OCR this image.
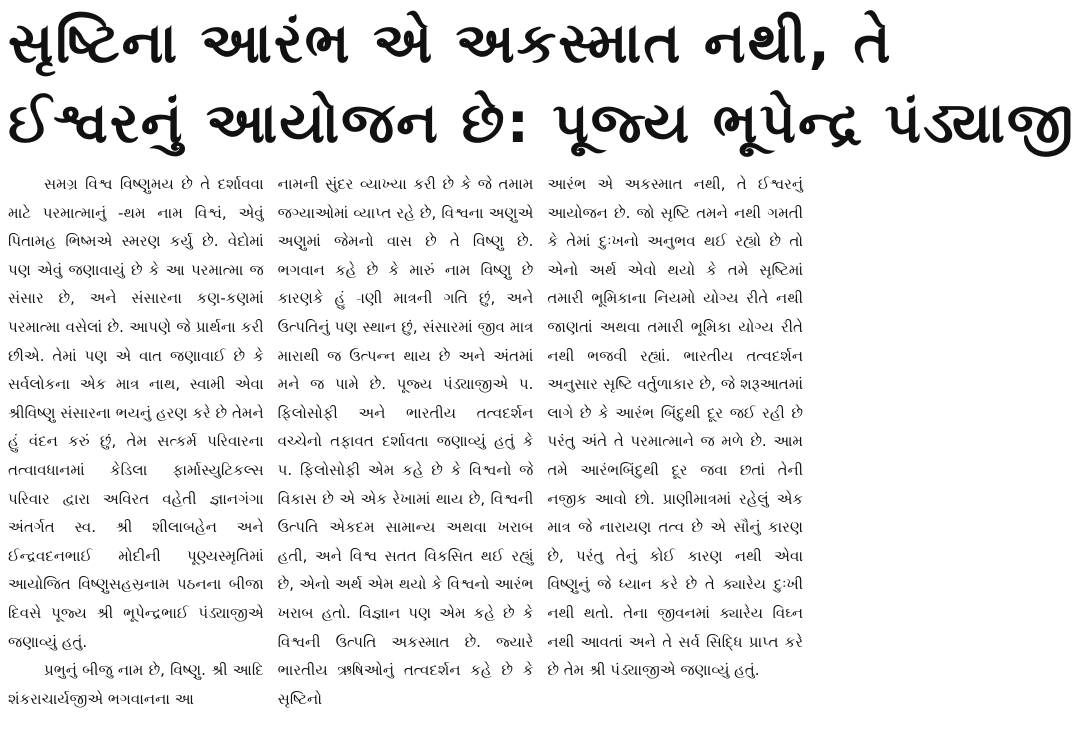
સૃષ્ટિના આરંભ એ અકસ્માત નથી, તે
ઈશ્વરનું આયોજન છે: પૂજ્ય ભૂપેન્દ્ર પંડ્યાજી

સમગ્ર વિશ્વ વિષ્ણુમય છે તે દર્શાવવા માટે પરમાત્માનું -થમ નામ વિશ્વં, એવું પિતામહ ભિષ્મએ સ્મરણ કર્યુ છે. વેદોમાં પણ એવું જણાવાયું છે કે આ પરમાત્મા જ સંસાર છે, અને સંસારના કણ-કણમાં પરમાત્મા વસેલાં છે. આપણે જે પ્રાર્થના કરી છીએ. તેમાં પણ એ વાત જણાવાઈ છે કે સર્વલોકના એક માત્ર નાથ, સ્વામી એવા શ્રીવિષ્ણુ સંસારના ભયનું હરણ કરે છે તેમને હું વંદન કરું છું, તેમ સત્કર્મ પરિવારના તત્વાવધાનમાં કેડિલા ફાર્માસ્યુટિકલ્સ પરિવાર દ્વારા અવિરત વહેતી જ્ઞાનગંગા અંતર્ગત સ્વ. શ્રી શીલાબહેન અને ઈન્દ્રવદનભાઈ મોદીની પૂણ્યસ્મૃતિમાં આયોજિત વિષ્ણુસહસ્રનામ પઠનના બીજા દિવસે પૂજ્ય શ્રી ભૂપેન્દ્રભાઈ પંડ્યાજીએ જણાવ્યું હતું.

પ્રભુનું બીજુ નામ છે, વિષ્ણુ. શ્રી આદિ શંકરાચાર્યજીએ ભગવાનના આ

નામની સુંદર વ્યાખ્યા કરી છે કે જે તમામ જગ્યાઓમાં વ્યાપ્ત રહે છે, વિશ્વના અણુએ અણુમાં જેમનો વાસ છે તે વિષ્ણુ છે. ભગવાન કહે છે કે મારું નામ વિષ્ણુ છે કારણકે હું -ાણી માત્રની ગતિ છું, અને ઉત્પતિનું પણ સ્થાન છું, સંસારમાં જીવ માત્ર મારાથી જ ઉત્પન્ન થાય છે અને અંતમાં મને જ પામે છે. પૂજ્ય પંડ્યાજીએ પ. ફિલોસોફી અને ભારતીય તત્વદર્શન વચ્ચેનો તફાવત દર્શાવતા જણાવ્યું હતું કે પ. ફિલોસોફી એમ કહે છે કે વિશ્વનો જે વિકાસ છે એ એક રેખામાં થાય છે, વિશ્વની ઉત્પતિ એકદમ સામાન્ય અથવા ખરાબ હતી, અને વિશ્વ સતત વિકસિત થઈ રહ્યું છે, એનો અર્થ એમ થયો કે વિશ્વનો આરંભ ખરાબ હતો. વિજ્ઞાન પણ એમ કહે છે કે વિશ્વની ઉત્પતિ અકસ્માત છે. જ્યારે ભારતીય ઋષિઓનું તત્વદર્શન કહે છે કે સૃષ્ટિનો

આરંભ એ અકસ્માત નથી, તે ઈશ્વરનું આયોજન છે. જો સૃષ્ટિ તમને નથી ગમતી કે તેમાં દુઃખનો અનુભવ થઈ રહ્યો છે તો એનો અર્થ એવો થયો કે તમે સૃષ્ટિમાં તમારી ભૂમિકાના નિયમો યોગ્ય રીતે નથી જાણતાં અથવા તમારી ભૂમિકા યોગ્ય રીતે નથી ભજવી રહ્યાં. ભારતીય તત્વદર્શન અનુસાર સૃષ્ટિ વર્તુળાકાર છે, જે શરૂઆતમાં લાગે છે કે આરંભ બિંદુથી દૂર જઈ રહી છે પરંતુ અંતે તે પરમાત્માને જ મળે છે. આમ તમે આરંભબિંદુથી દૂર જવા છતાં તેની નજીક આવો છો. પ્રાણીમાત્રમાં રહેલું એક માત્ર જે નારાયણ તત્વ છે એ સૌનું કારણ છે, પરંતુ તેનું કોઈ કારણ નથી એવા વિષ્ણુનું જે ધ્યાન કરે છે તે ક્યારેય દુઃખી નથી થતો. તેના જીવનમાં ક્યારેય વિઘ્ન નથી આવતાં અને તે સર્વ સિદ્ધિ પ્રાપ્ત કરે છે તેમ શ્રી પંડ્યાજીએ જણાવ્યું હતું.
